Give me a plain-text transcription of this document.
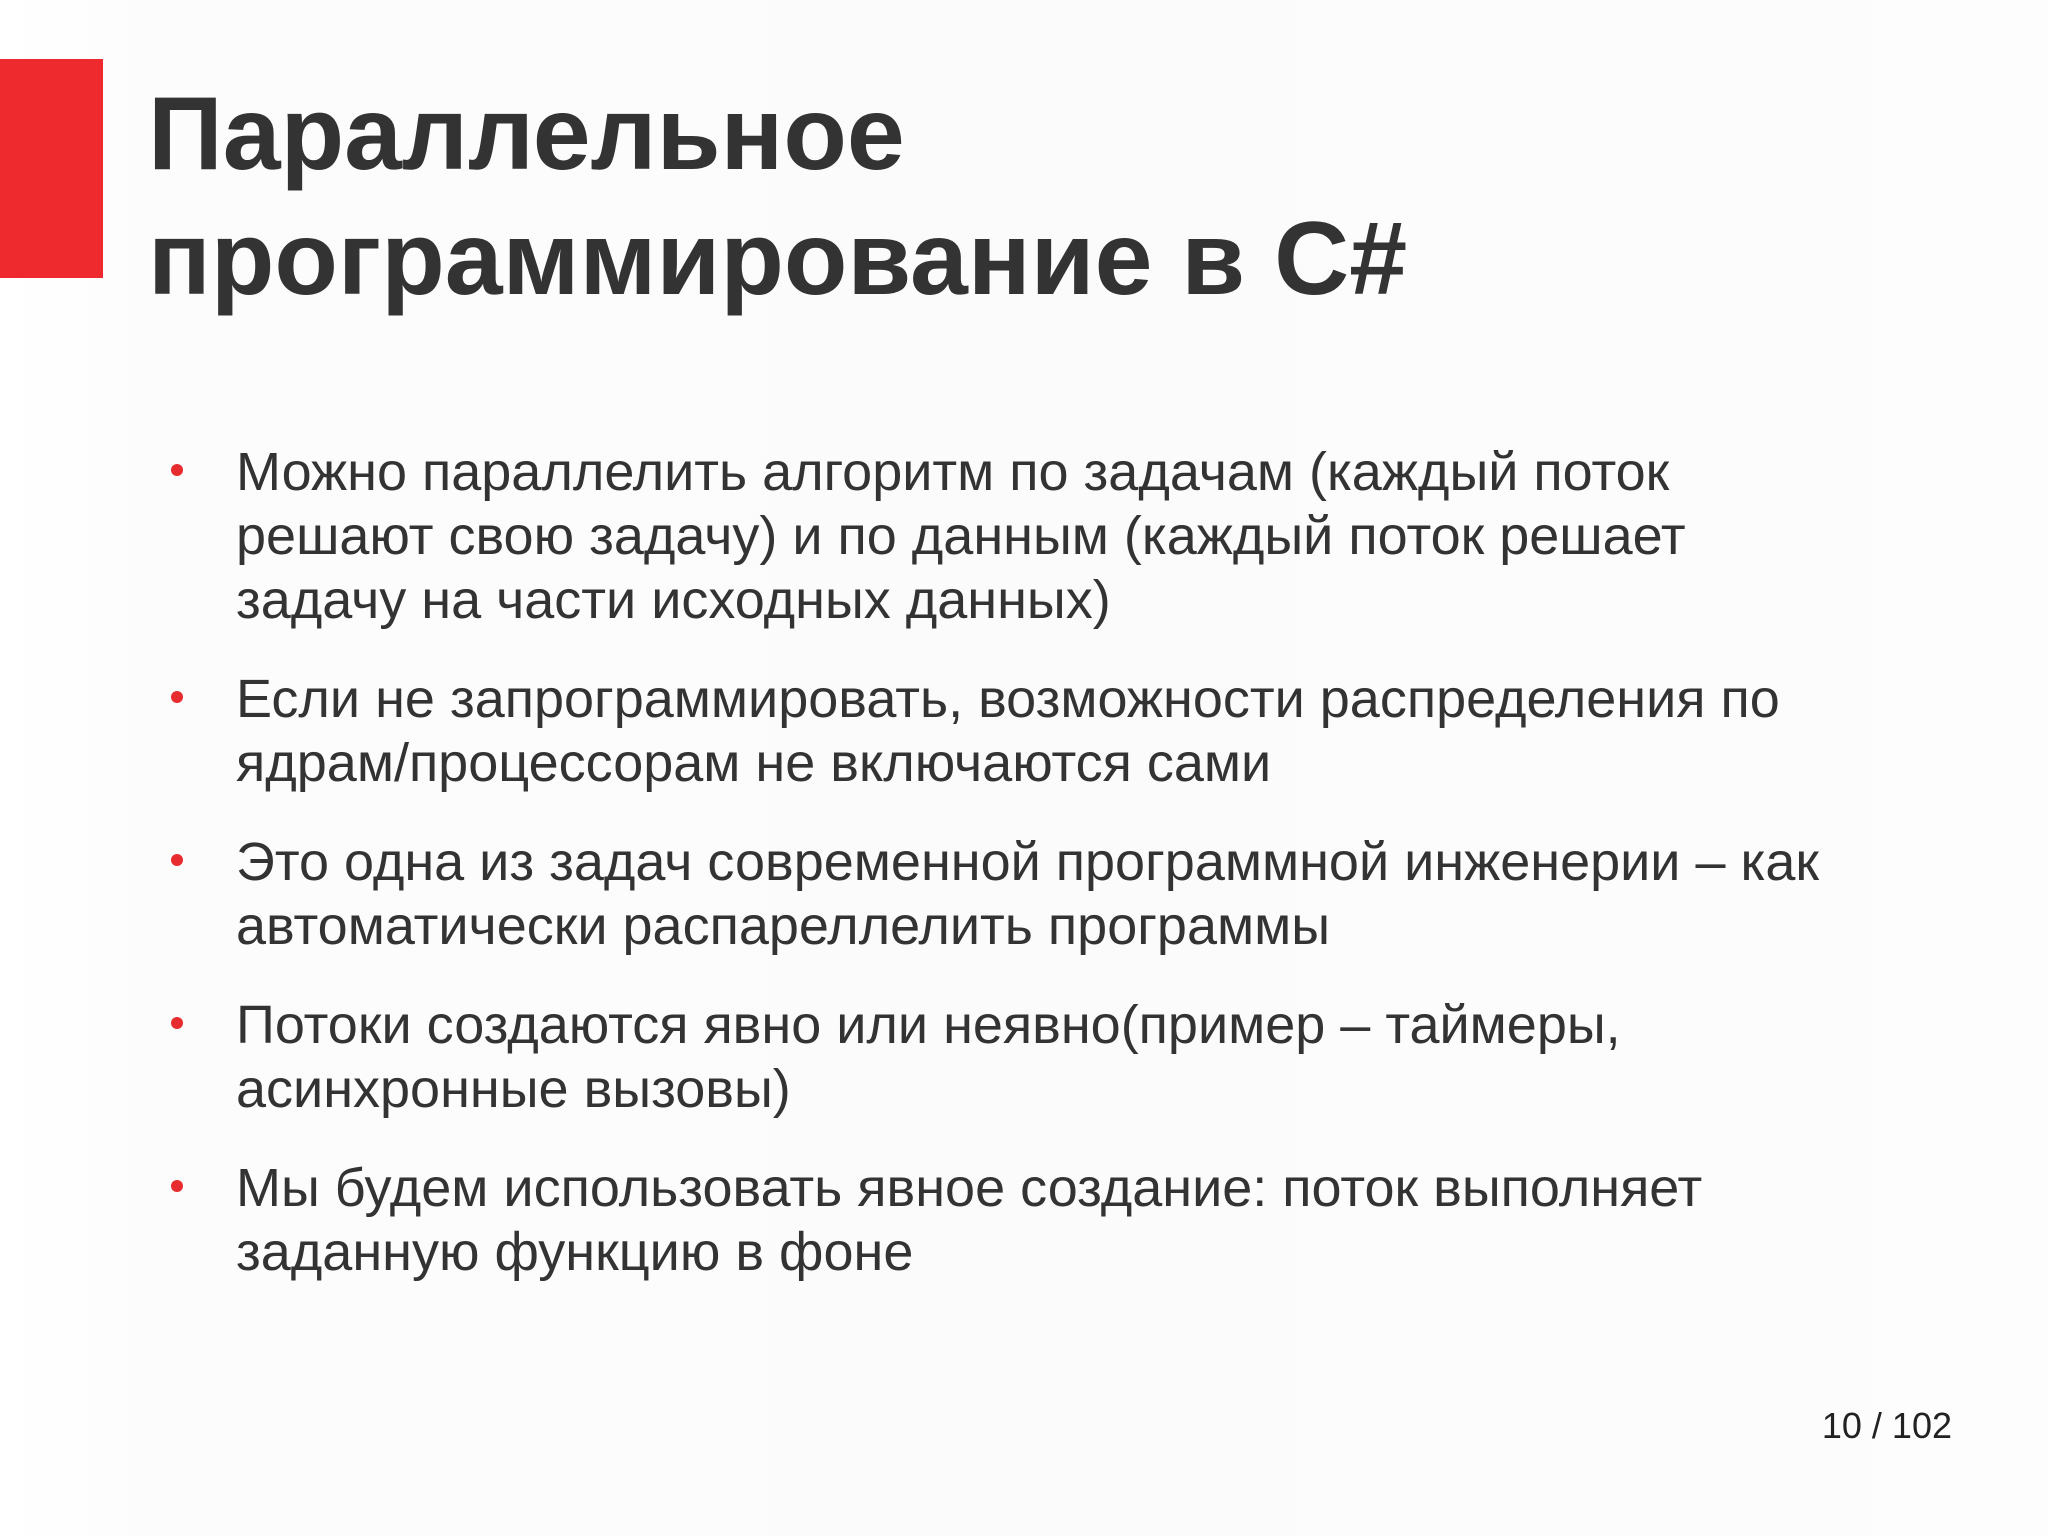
Параллельное
программирование в C#
Можно параллелить алгоритм по задачам (каждый поток
решают свою задачу) и по данным (каждый поток решает
задачу на части исходных данных)
Если не запрограммировать, возможности распределения по
ядрам/процессорам не включаются сами
Это одна из задач современной программной инженерии – как
автоматически распареллелить программы
Потоки создаются явно или неявно(пример – таймеры,
асинхронные вызовы)
Мы будем использовать явное создание: поток выполняет
заданную функцию в фоне
10 / 102
